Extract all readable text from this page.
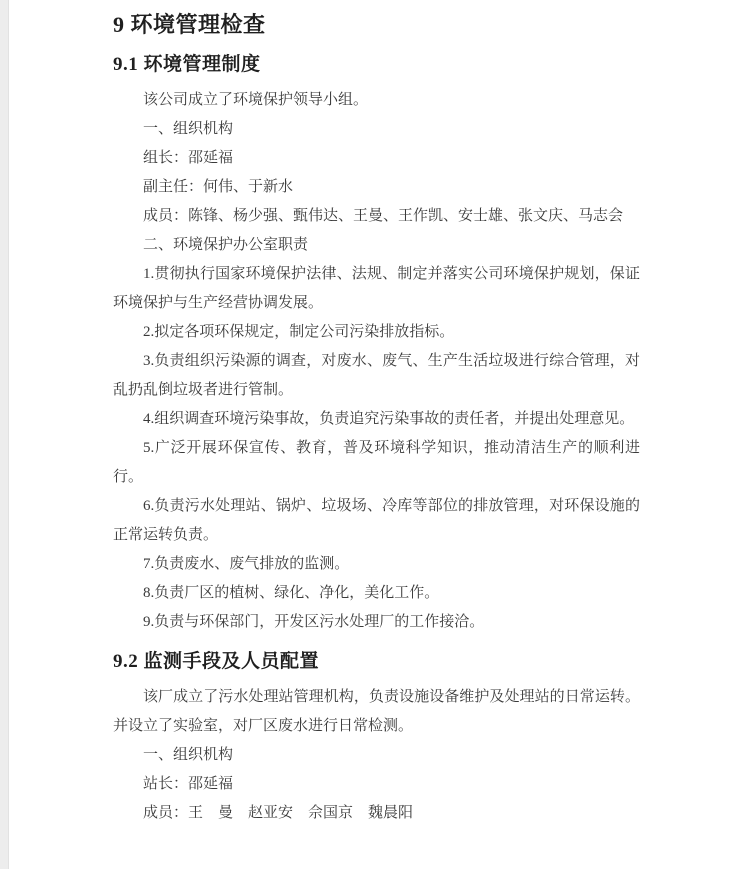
9 环境管理检查
9.1 环境管理制度

该公司成立了环境保护领导小组。

一、组织机构

组长：邵延福

副主任：何伟、于新水

成员：陈锋、杨少强、甄伟达、王曼、王作凯、安士雄、张文庆、马志会

二、环境保护办公室职责

1.贯彻执行国家环境保护法律、法规、制定并落实公司环境保护规划，保证环境保护与生产经营协调发展。

2.拟定各项环保规定，制定公司污染排放指标。

3.负责组织污染源的调查，对废水、废气、生产生活垃圾进行综合管理，对乱扔乱倒垃圾者进行管制。

4.组织调查环境污染事故，负责追究污染事故的责任者，并提出处理意见。

5.广泛开展环保宣传、教育，普及环境科学知识，推动清洁生产的顺利进行。

6.负责污水处理站、锅炉、垃圾场、冷库等部位的排放管理，对环保设施的正常运转负责。

7.负责废水、废气排放的监测。

8.负责厂区的植树、绿化、净化，美化工作。

9.负责与环保部门，开发区污水处理厂的工作接洽。

9.2 监测手段及人员配置

该厂成立了污水处理站管理机构，负责设施设备维护及处理站的日常运转。并设立了实验室，对厂区废水进行日常检测。

一、组织机构

站长：邵延福

成员：王　曼　赵亚安　佘国京　魏晨阳
